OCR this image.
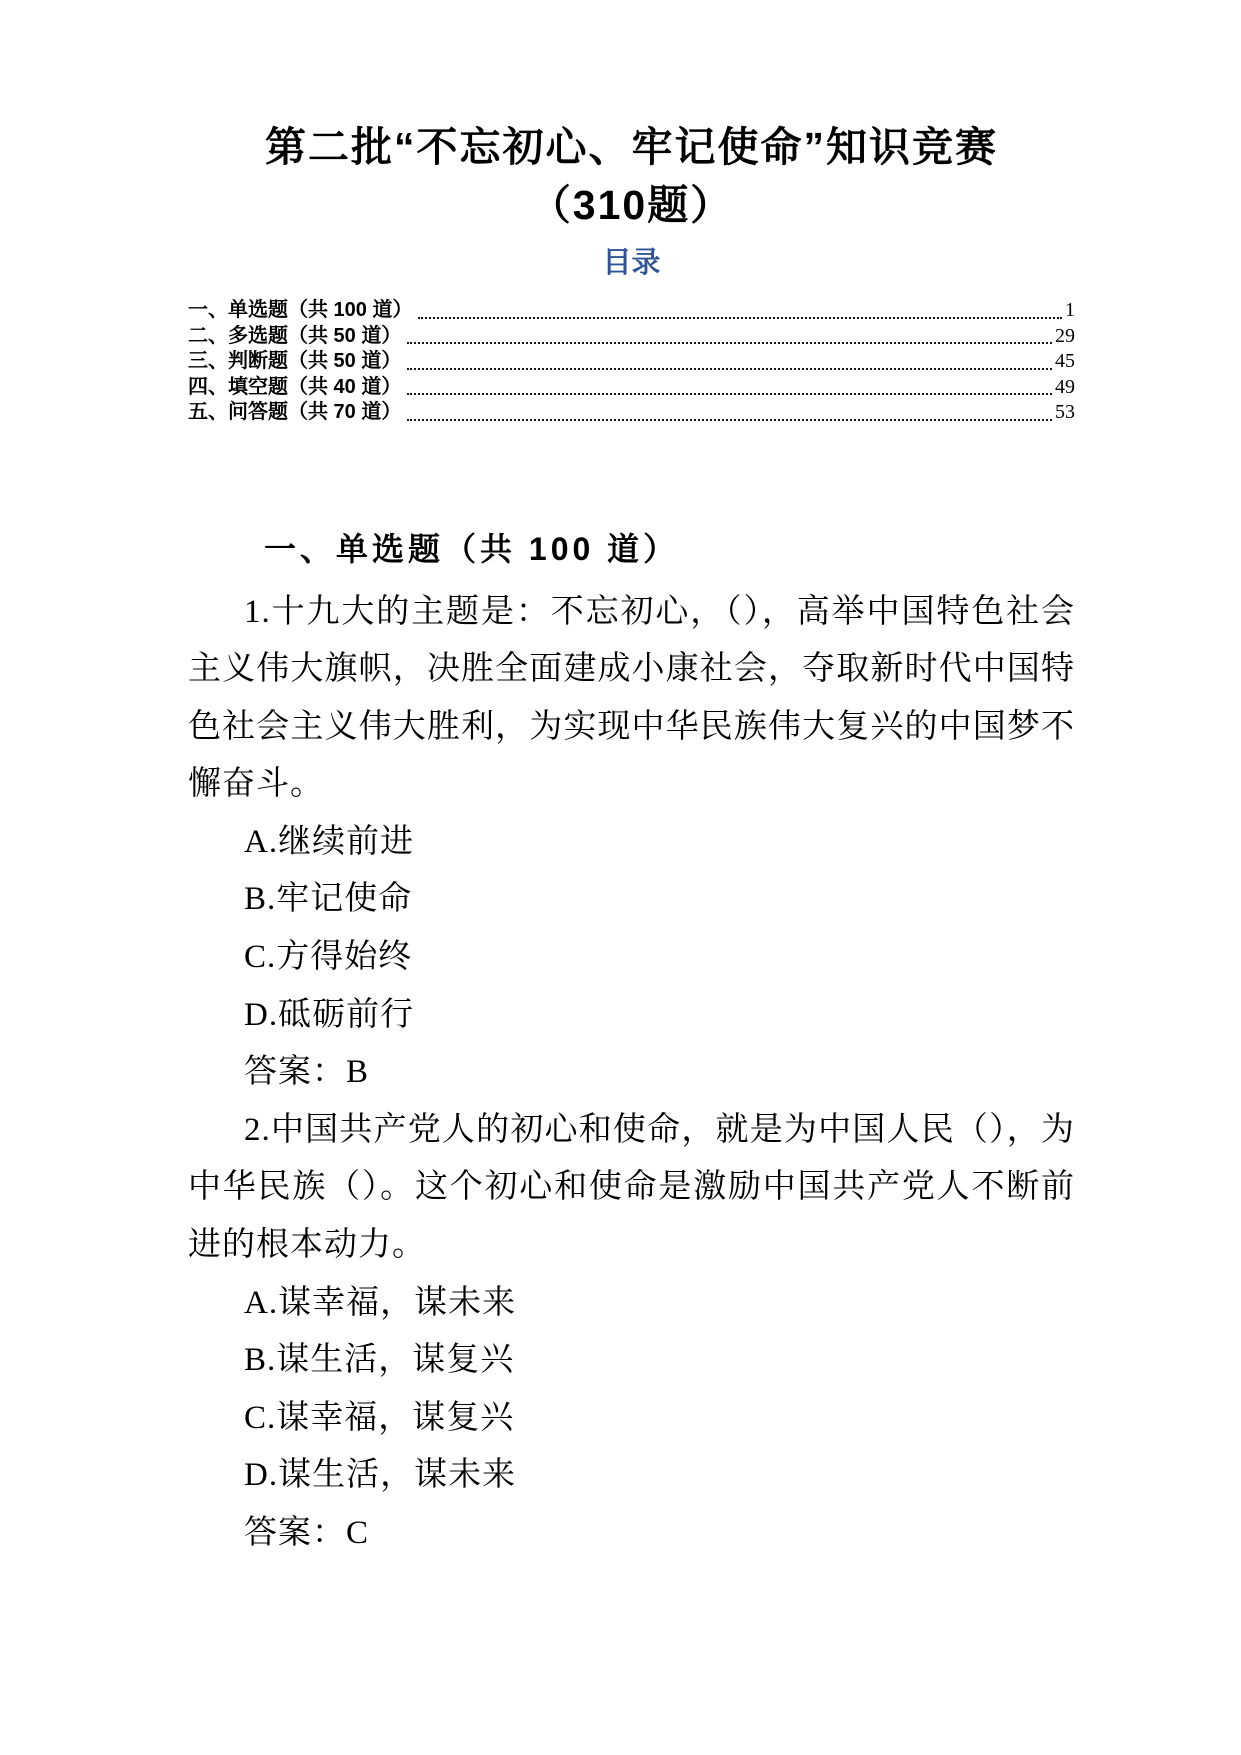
第二批“不忘初心、牢记使命”知识竞赛
（310题）
目录
一、单选题（共 100 道）	1
二、多选题（共 50 道）	29
三、判断题（共 50 道）	45
四、填空题（共 40 道）	49
五、问答题（共 70 道）	53
一、单选题（共 100 道）

1.十九大的主题是：不忘初心，（），高举中国特色社会主义伟大旗帜，决胜全面建成小康社会，夺取新时代中国特色社会主义伟大胜利，为实现中华民族伟大复兴的中国梦不懈奋斗。

A.继续前进

B.牢记使命

C.方得始终

D.砥砺前行

答案：B

2.中国共产党人的初心和使命，就是为中国人民（），为中华民族（）。这个初心和使命是激励中国共产党人不断前进的根本动力。

A.谋幸福，谋未来

B.谋生活，谋复兴

C.谋幸福，谋复兴

D.谋生活，谋未来

答案：C
